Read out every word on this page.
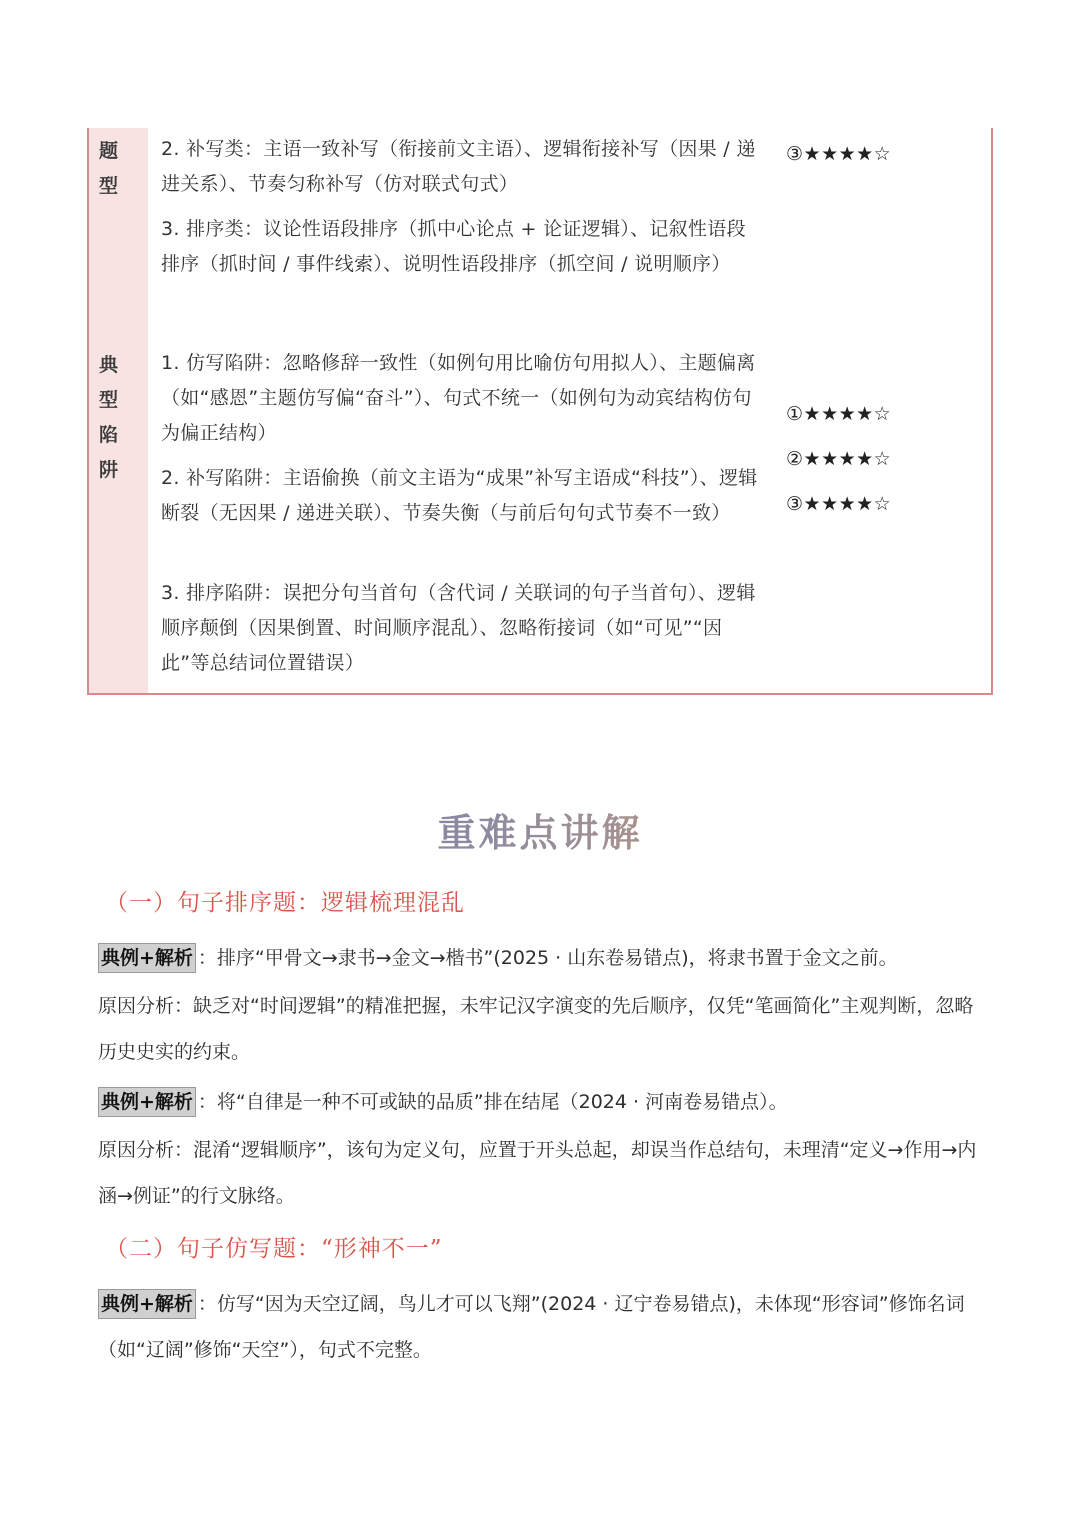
题
型
2. 补写类：主语一致补写（衔接前文主语）、逻辑衔接补写（因果 / 递进关系）、节奏匀称补写（仿对联式句式）
3. 排序类：议论性语段排序（抓中心论点 + 论证逻辑）、记叙性语段排序（抓时间 / 事件线索）、说明性语段排序（抓空间 / 说明顺序）
③★★★★☆
典
型
陷
阱
1. 仿写陷阱：忽略修辞一致性（如例句用比喻仿句用拟人）、主题偏离（如“感恩”主题仿写偏“奋斗”）、句式不统一（如例句为动宾结构仿句为偏正结构）
2. 补写陷阱：主语偷换（前文主语为“成果”补写主语成“科技”）、逻辑断裂（无因果 / 递进关联）、节奏失衡（与前后句句式节奏不一致）
3. 排序陷阱：误把分句当首句（含代词 / 关联词的句子当首句）、逻辑顺序颠倒（因果倒置、时间顺序混乱）、忽略衔接词（如“可见”“因此”等总结词位置错误）
①★★★★☆
②★★★★☆
③★★★★☆
重难点讲解
（一）句子排序题：逻辑梳理混乱
典例+解析 ：排序“甲骨文→隶书→金文→楷书”(2025 · 山东卷易错点)，将隶书置于金文之前。
原因分析：缺乏对“时间逻辑”的精准把握，未牢记汉字演变的先后顺序，仅凭“笔画简化”主观判断，忽略历史史实的约束。
典例+解析 ：将“自律是一种不可或缺的品质”排在结尾（2024 · 河南卷易错点）。
原因分析：混淆“逻辑顺序”，该句为定义句，应置于开头总起，却误当作总结句，未理清“定义→作用→内涵→例证”的行文脉络。
（二）句子仿写题：“形神不一”
典例+解析 ：仿写“因为天空辽阔，鸟儿才可以飞翔”(2024 · 辽宁卷易错点)，未体现“形容词”修饰名词（如“辽阔”修饰“天空”），句式不完整。
